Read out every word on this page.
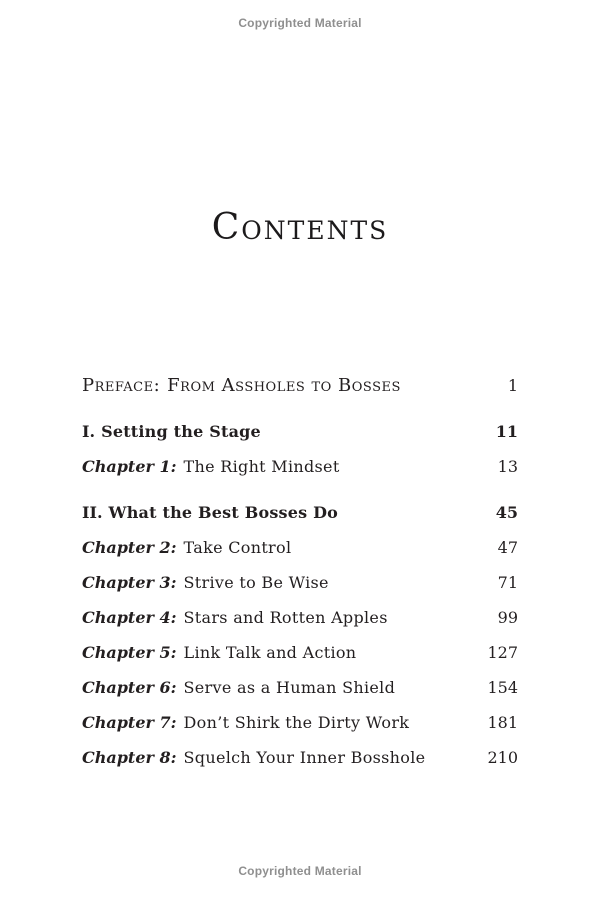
Copyrighted Material
Contents
Preface: From Assholes to Bosses	1
I. Setting the Stage	11
Chapter 1: The Right Mindset	13
II. What the Best Bosses Do	45
Chapter 2: Take Control	47
Chapter 3: Strive to Be Wise	71
Chapter 4: Stars and Rotten Apples	99
Chapter 5: Link Talk and Action	127
Chapter 6: Serve as a Human Shield	154
Chapter 7: Don’t Shirk the Dirty Work	181
Chapter 8: Squelch Your Inner Bosshole	210
Copyrighted Material
